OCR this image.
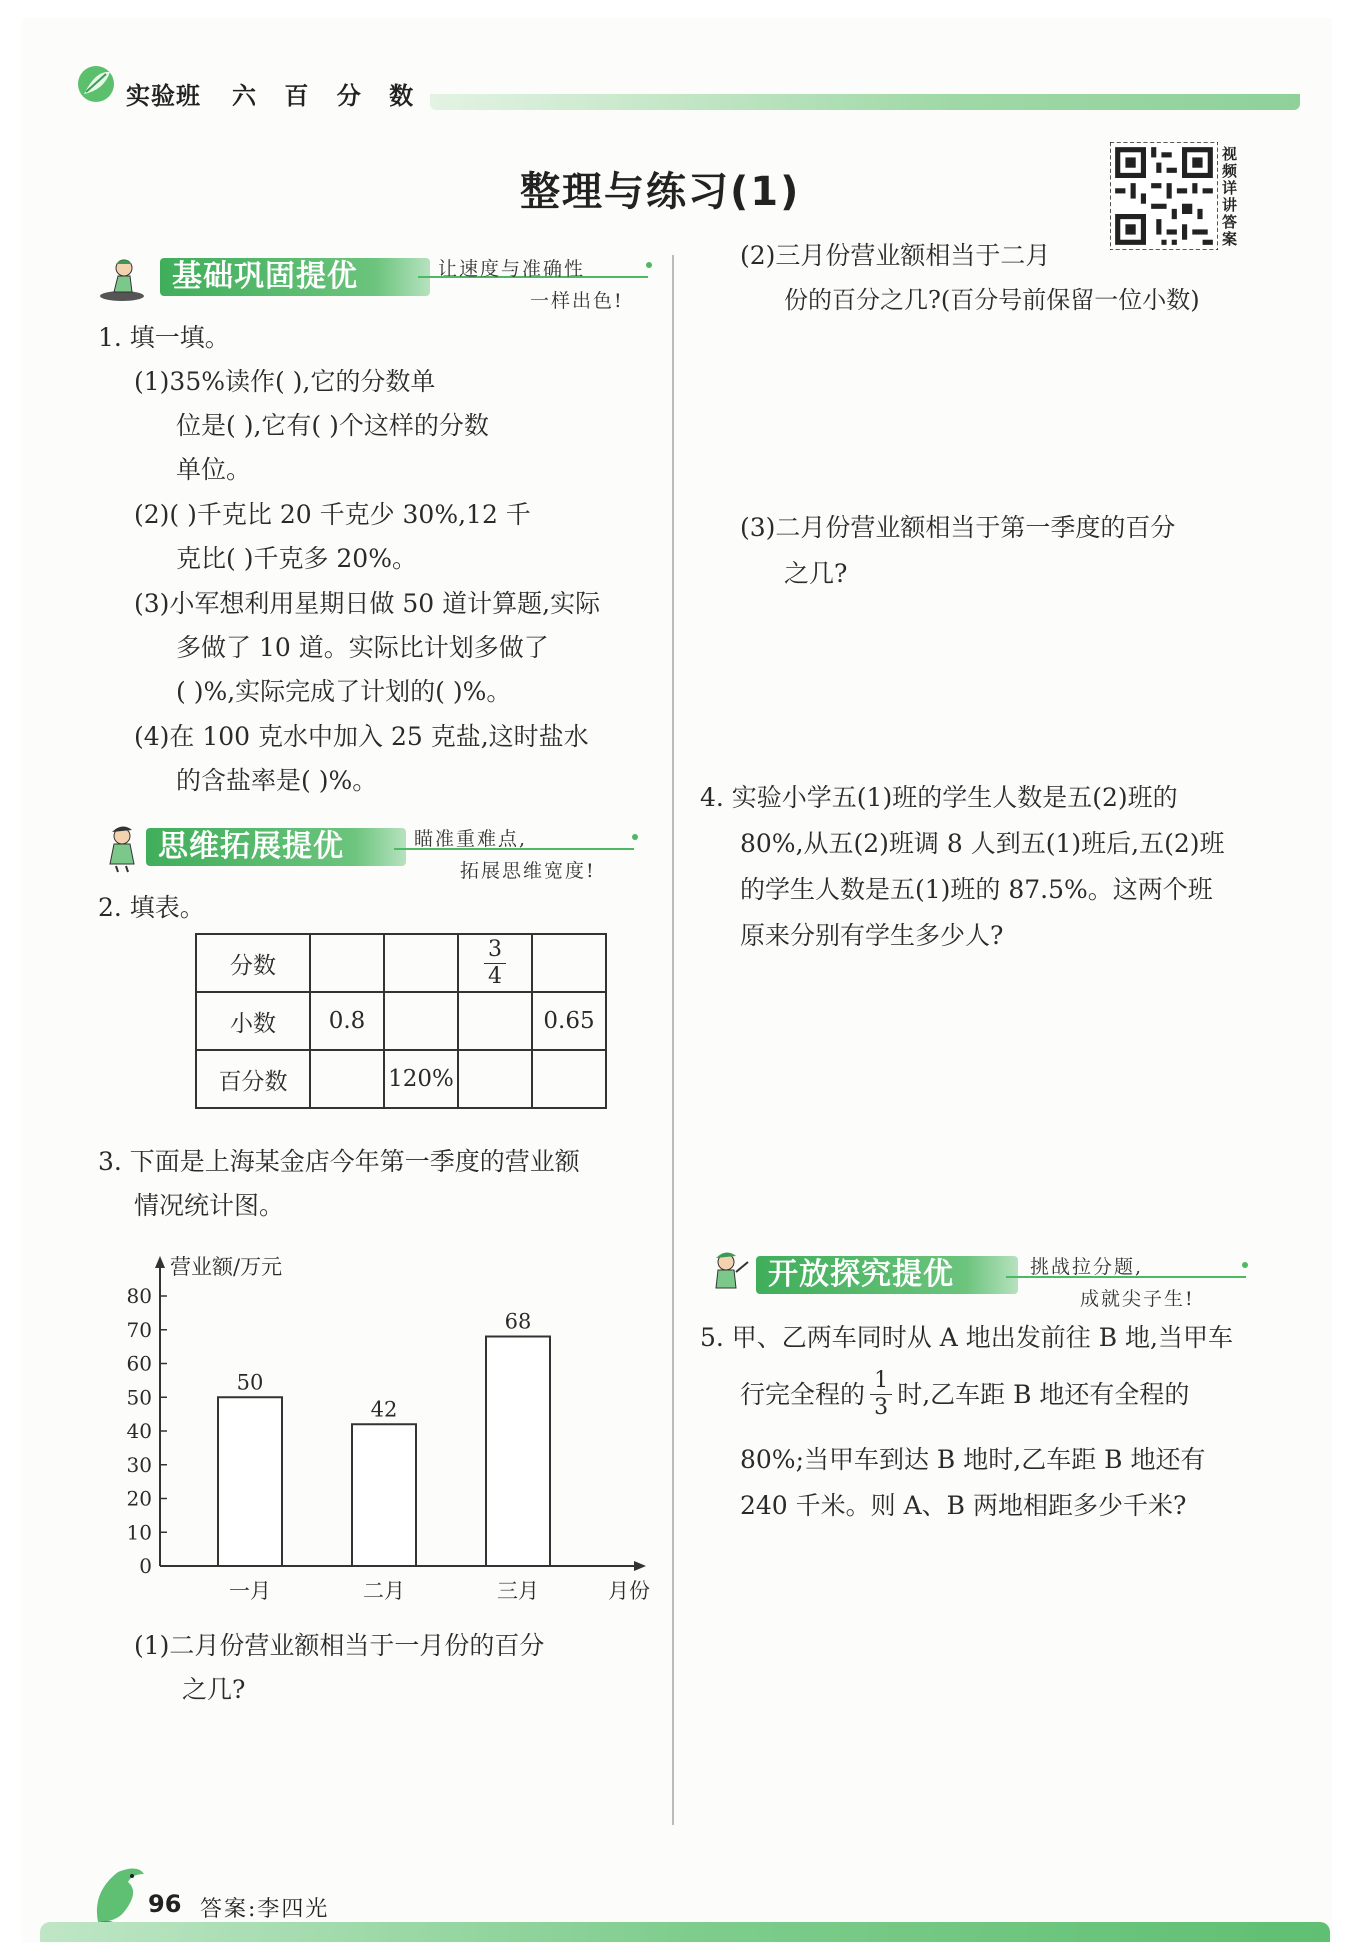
实验班 六 百 分 数
整理与练习(1)
视频详讲答案
基础巩固提优	让速度与准确性
一样出色!
1. 填一填。
(1)35%读作( ),它的分数单
位是( ),它有( )个这样的分数
单位。
(2)( )千克比 20 千克少 30%,12 千
克比( )千克多 20%。
(3)小军想利用星期日做 50 道计算题,实际
多做了 10 道。实际比计划多做了
( )%,实际完成了计划的( )%。
(4)在 100 克水中加入 25 克盐,这时盐水
的含盐率是( )%。
思维拓展提优	瞄准重难点,
拓展思维宽度!
2. 填表。
分数			$\frac{3}{4}$

小数	0.8			0.65
百分数		120%		
3. 下面是上海某金店今年第一季度的营业额
情况统计图。
营业额/万元
月份
0
10
20
30
40
50
60
70
80
50
一月
42
二月
68
三月
(1)二月份营业额相当于一月份的百分
之几?
(2)三月份营业额相当于二月
份的百分之几?(百分号前保留一位小数)
(3)二月份营业额相当于第一季度的百分
之几?
4. 实验小学五(1)班的学生人数是五(2)班的
80%,从五(2)班调 8 人到五(1)班后,五(2)班
的学生人数是五(1)班的 87.5%。这两个班
原来分别有学生多少人?
开放探究提优	挑战拉分题,
成就尖子生!
5. 甲、乙两车同时从 A 地出发前往 B 地,当甲车
行完全程的 $\frac{1}{3}$ 时,乙车距 B 地还有全程的
80%;当甲车到达 B 地时,乙车距 B 地还有
240 千米。则 A、B 两地相距多少千米?
96 答案:李四光
